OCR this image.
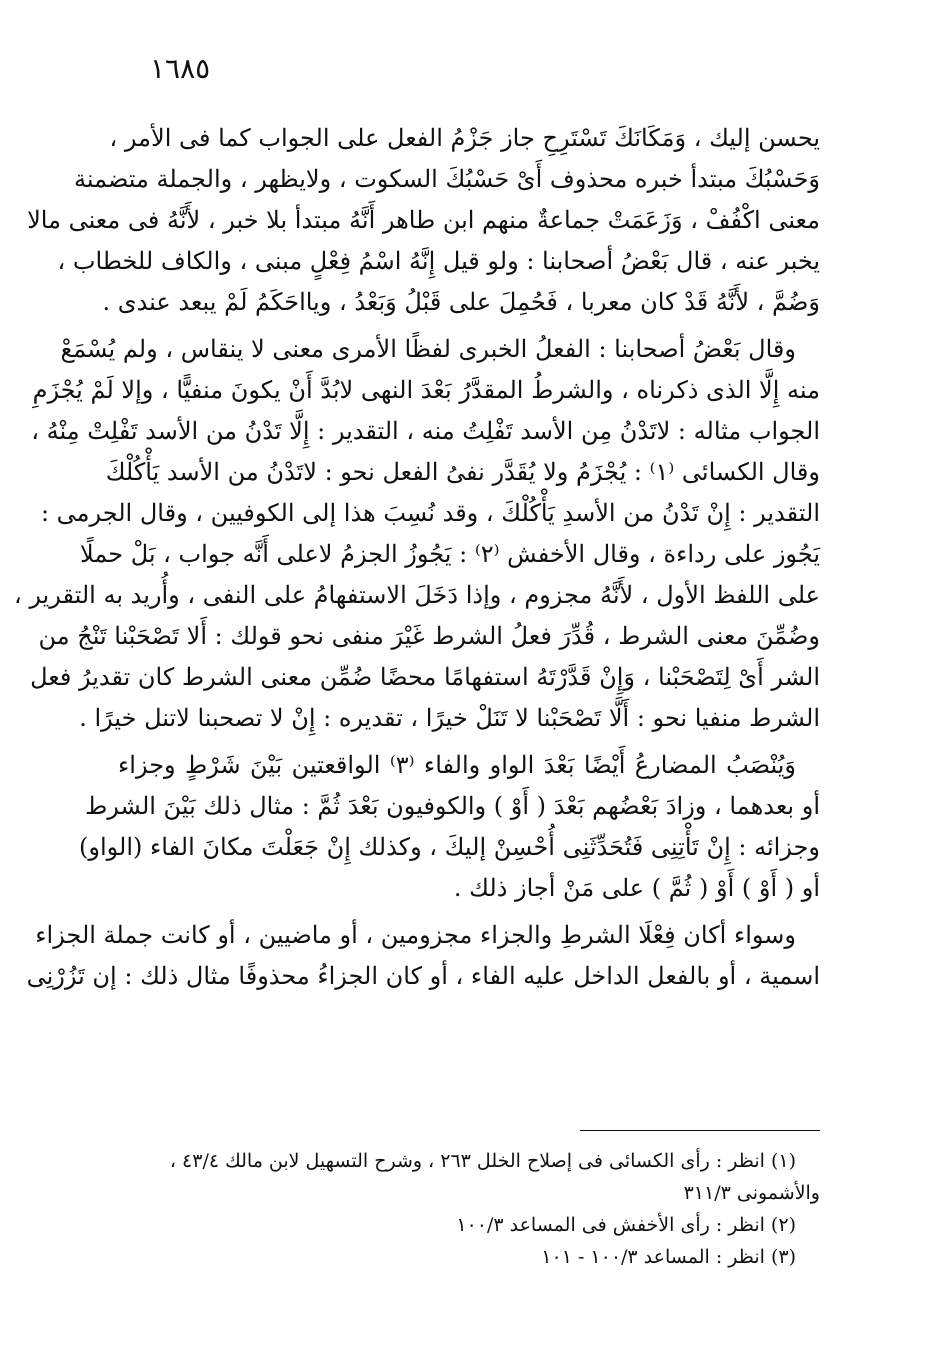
١٦٨٥
يحسن إليك ، وَمَكَانَكَ تَسْتَرِحِ جاز جَزْمُ الفعل على الجواب كما فى الأمر ،
وَحَسْبُكَ مبتدأ خبره محذوف أَىْ حَسْبُكَ السكوت ، ولايظهر ، والجملة متضمنة
معنى اكْفُفْ ، وَزَعَمَتْ جماعةٌ منهم ابن طاهر أَنَّهُ مبتدأ بلا خبر ، لأَنَّهُ فى معنى مالا
يخبر عنه ، قال بَعْضُ أصحابنا : ولو قيل إِنَّهُ اسْمُ فِعْلٍ مبنى ، والكاف للخطاب ،
وَضُمَّ ، لأَنَّهُ قَدْ كان معربا ، فَحُمِلَ على قَبْلُ وَبَعْدُ ، ويااحَكَمُ لَمْ يبعد عندى .
وقال بَعْضُ أصحابنا : الفعلُ الخبرى لفظًا الأمرى معنى لا ينقاس ، ولم يُسْمَعْ
منه إِلَّا الذى ذكرناه ، والشرطُ المقدَّرُ بَعْدَ النهى لابُدَّ أَنْ يكونَ منفيًّا ، وإلا لَمْ يُجْزَمِ
الجواب مثاله : لاتَدْنُ مِن الأسد تَفْلِتُ منه ، التقدير : إِلَّا تَدْنُ من الأسد تَفْلِتْ مِنْهُ ،
وقال الكسائى ⁽١⁾ : يُجْزَمُ ولا يُقَدَّر نفىُ الفعل نحو : لاتَدْنُ من الأسد يَأْكُلْكَ
التقدير : إِنْ تَدْنُ من الأسدِ يَأْكُلْكَ ، وقد نُسِبَ هذا إلى الكوفيين ، وقال الجرمى :
يَجُوز على رداءة ، وقال الأخفش ⁽٢⁾ : يَجُوزُ الجزمُ لاعلى أَنَّه جواب ، بَلْ حملًا
على اللفظ الأول ، لأَنَّهُ مجزوم ، وإذا دَخَلَ الاستفهامُ على النفى ، وأُريد به التقرير ،
وضُمِّنَ معنى الشرط ، قُدِّرَ فعلُ الشرط غَيْرَ منفى نحو قولك : أَلا تَصْحَبْنا تَنْجُ من
الشر أَىْ لِتَصْحَبْنا ، وَإِنْ قَدَّرْتَهُ استفهامًا محضًا ضُمِّن معنى الشرط كان تقديرُ فعل
الشرط منفيا نحو : أَلَّا تَصْحَبْنا لا تَنَلْ خيرًا ، تقديره : إِنْ لا تصحبنا لاتنل خيرًا .
وَيُنْصَبُ المضارعُ أَيْضًا بَعْدَ الواو والفاء ⁽٣⁾ الواقعتين بَيْنَ شَرْطٍ وجزاء
أو بعدهما ، وزادَ بَعْضُهم بَعْدَ ( أَوْ ) والكوفيون بَعْدَ ثُمَّ : مثال ذلك بَيْنَ الشرط
وجزائه : إِنْ تَأْتِنِى فَتُحَدِّثَنِى أُحْسِنْ إليكَ ، وكذلك إِنْ جَعَلْتَ مكانَ الفاء (الواو)
أو ( أَوْ ) أَوْ ( ثُمَّ ) على مَنْ أجاز ذلك .
وسواء أكان فِعْلَا الشرطِ والجزاء مجزومين ، أو ماضيين ، أو كانت جملة الجزاء
اسمية ، أو بالفعل الداخل عليه الفاء ، أو كان الجزاءُ محذوفًا مثال ذلك : إن تَزُرْنِى
(١) انظر : رأى الكسائى فى إصلاح الخلل ٢٦٣ ، وشرح التسهيل لابن مالك ٤٣/٤ ،
والأشمونى ٣١١/٣
(٢) انظر : رأى الأخفش فى المساعد ١٠٠/٣
(٣) انظر : المساعد ١٠٠/٣ - ١٠١
